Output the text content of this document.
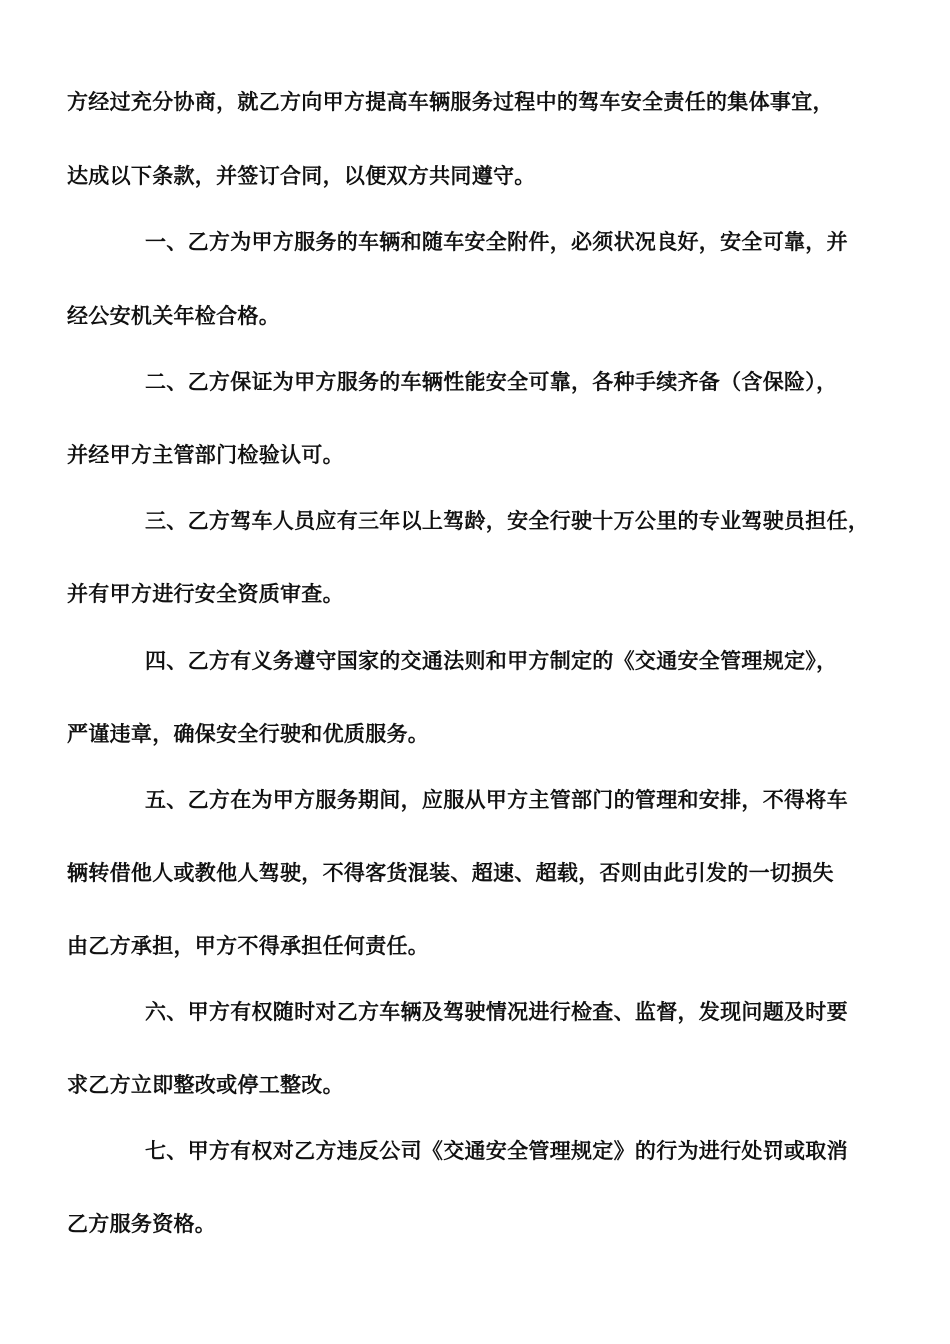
方经过充分协商，就乙方向甲方提高车辆服务过程中的驾车安全责任的集体事宜，
达成以下条款，并签订合同，以便双方共同遵守。
一、乙方为甲方服务的车辆和随车安全附件，必须状况良好，安全可靠，并
经公安机关年检合格。
二、乙方保证为甲方服务的车辆性能安全可靠，各种手续齐备（含保险），
并经甲方主管部门检验认可。
三、乙方驾车人员应有三年以上驾龄，安全行驶十万公里的专业驾驶员担任，
并有甲方进行安全资质审查。
四、乙方有义务遵守国家的交通法则和甲方制定的《交通安全管理规定》，
严谨违章，确保安全行驶和优质服务。
五、乙方在为甲方服务期间，应服从甲方主管部门的管理和安排，不得将车
辆转借他人或教他人驾驶，不得客货混装、超速、超载，否则由此引发的一切损失
由乙方承担，甲方不得承担任何责任。
六、甲方有权随时对乙方车辆及驾驶情况进行检查、监督，发现问题及时要
求乙方立即整改或停工整改。
七、甲方有权对乙方违反公司《交通安全管理规定》的行为进行处罚或取消
乙方服务资格。
